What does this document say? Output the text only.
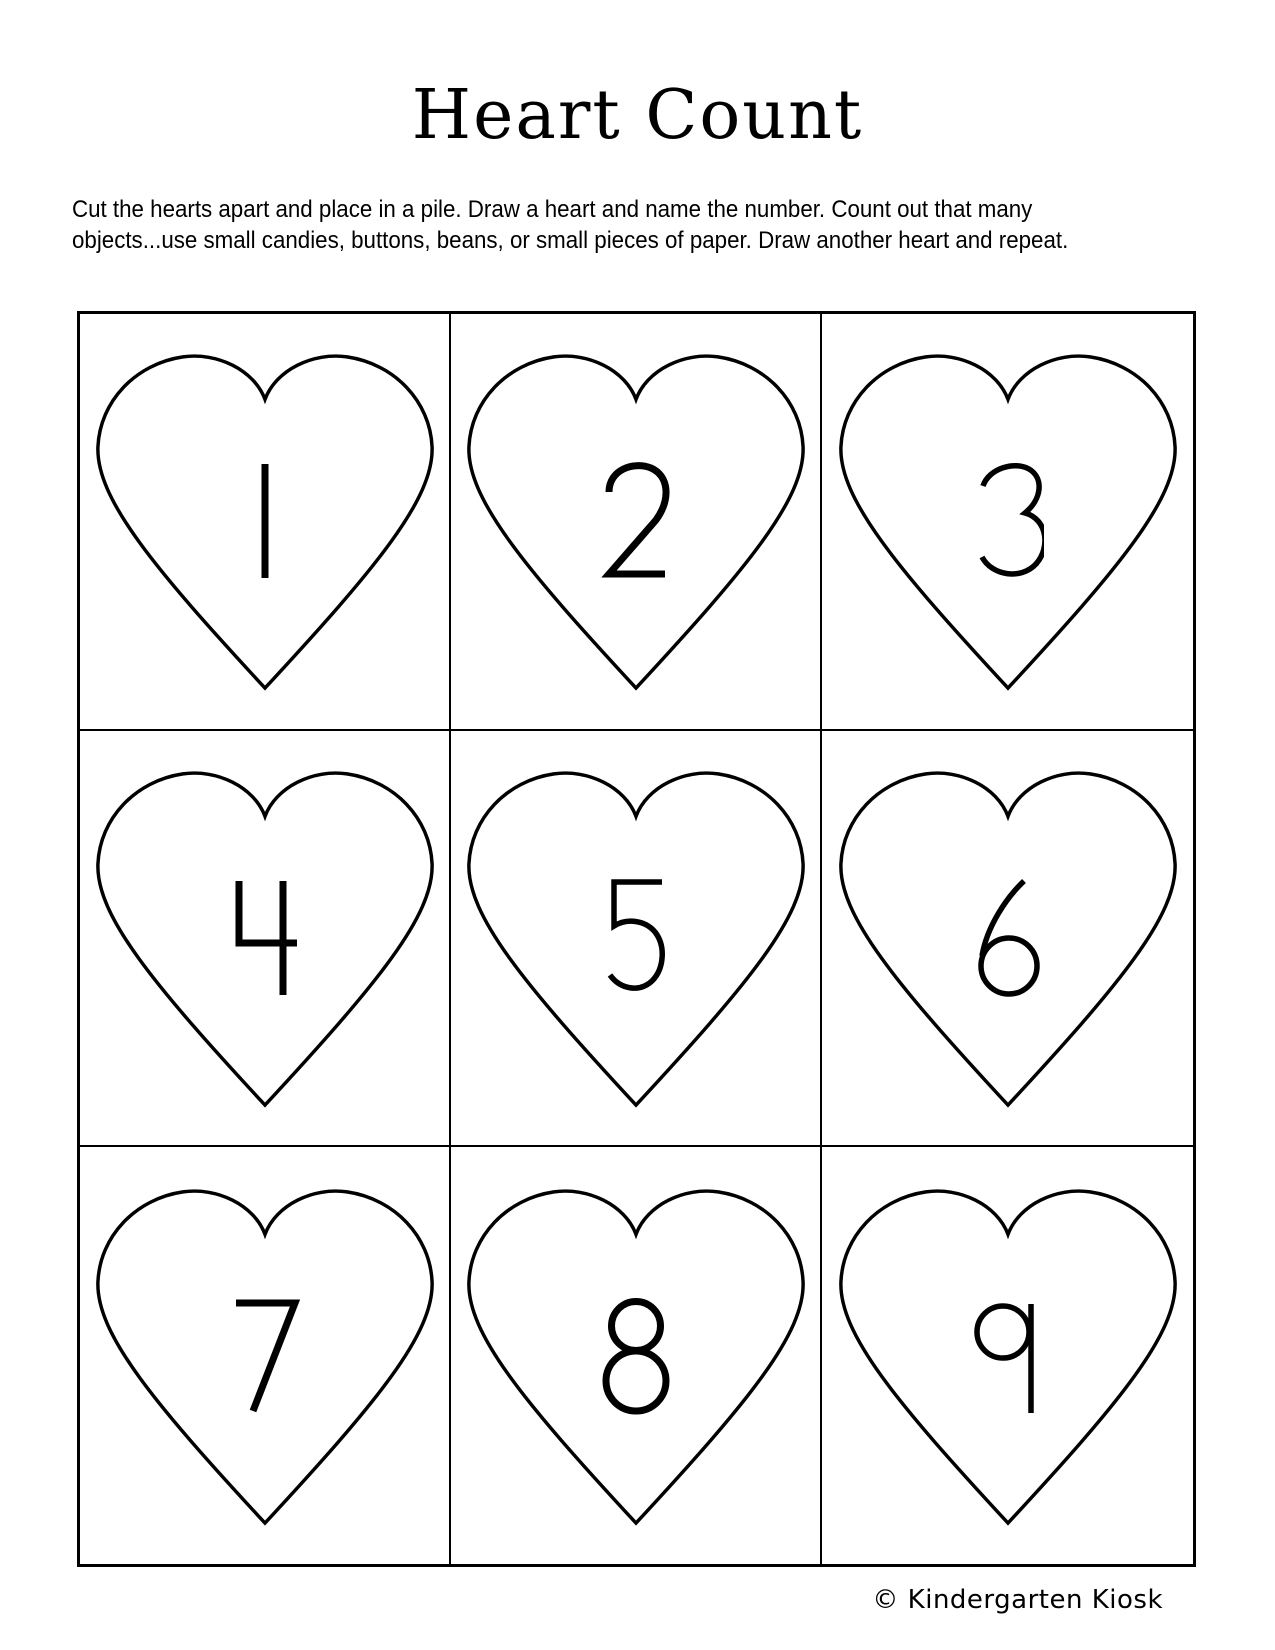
Heart Count
Cut the hearts apart and place in a pile. Draw a heart and name the number. Count out that many
objects...use small candies, buttons, beans, or small pieces of paper. Draw another heart and repeat.
© Kindergarten Kiosk
